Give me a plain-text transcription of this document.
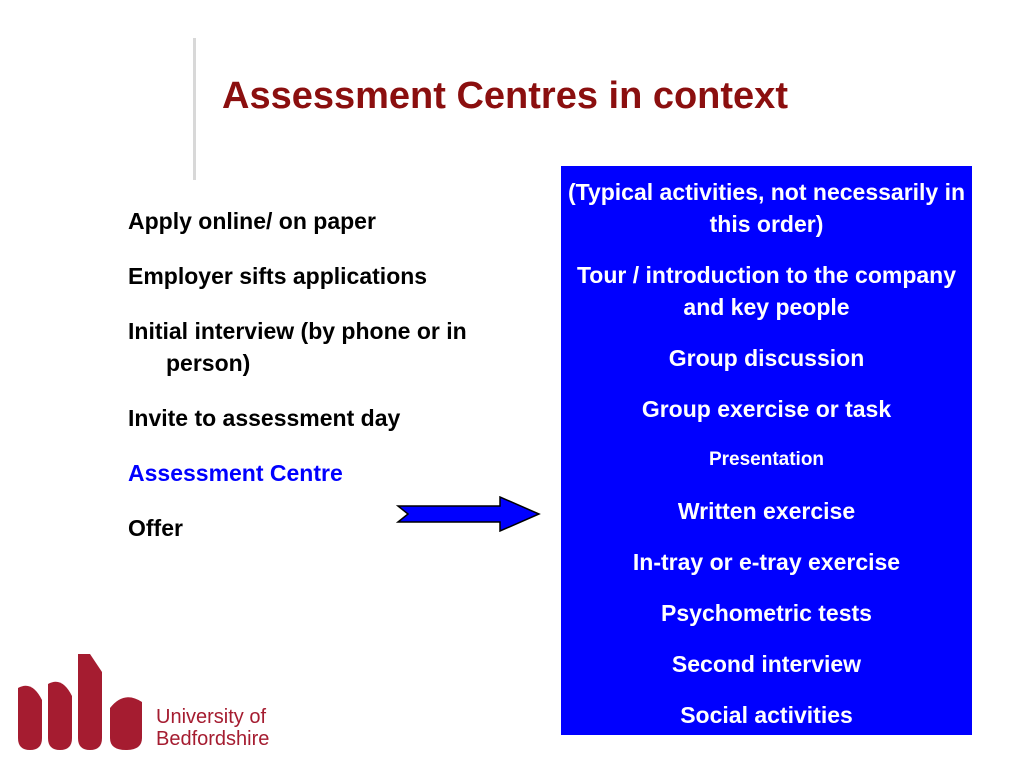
Assessment Centres in context
Apply online/ on paper
Employer sifts applications
Initial interview (by phone or in person)
Invite to assessment day
Assessment Centre
Offer
(Typical activities, not necessarily in this order)
Tour / introduction to the company and key people
Group discussion
Group exercise or task
Presentation
Written exercise
In-tray or e-tray exercise
Psychometric tests
Second interview
Social activities
University of
Bedfordshire
